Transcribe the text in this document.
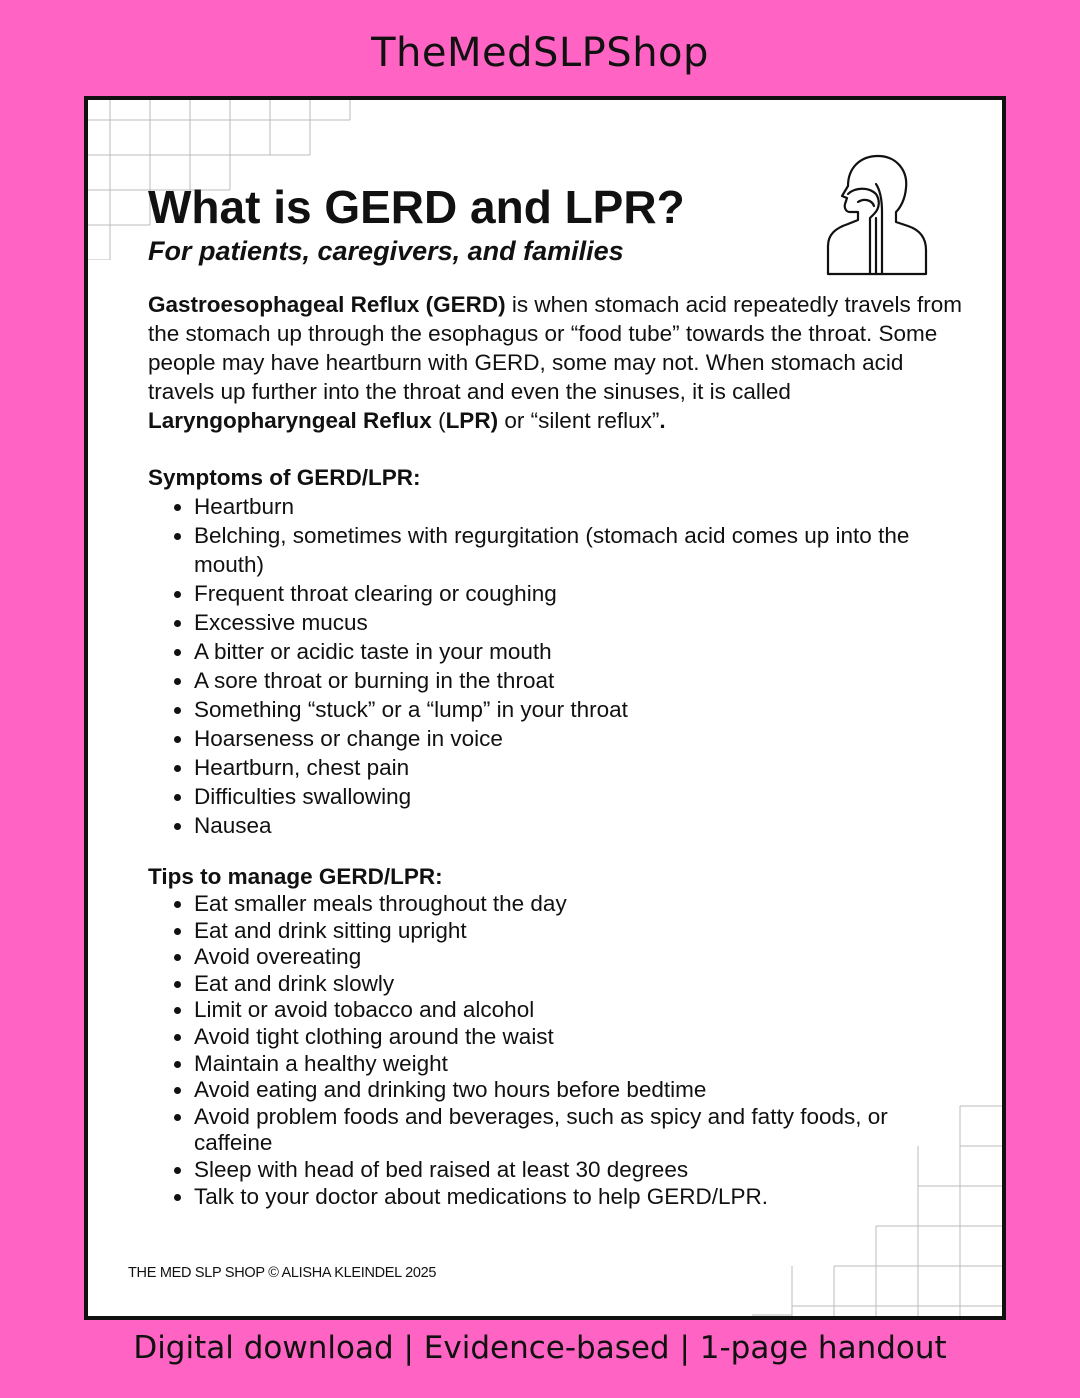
TheMedSLPShop
What is GERD and LPR?

For patients, caregivers, and families

Gastroesophageal Reflux (GERD) is when stomach acid repeatedly travels from the stomach up through the esophagus or “food tube” towards the throat. Some people may have heartburn with GERD, some may not. When stomach acid travels up further into the throat and even the sinuses, it is called Laryngopharyngeal Reflux (LPR) or “silent reflux”.

Symptoms of GERD/LPR:

• Heartburn
• Belching, sometimes with regurgitation (stomach acid comes up into the mouth)
• Frequent throat clearing or coughing
• Excessive mucus
• A bitter or acidic taste in your mouth
• A sore throat or burning in the throat
• Something “stuck” or a “lump” in your throat
• Hoarseness or change in voice
• Heartburn, chest pain
• Difficulties swallowing
• Nausea

Tips to manage GERD/LPR:

• Eat smaller meals throughout the day
• Eat and drink sitting upright
• Avoid overeating
• Eat and drink slowly
• Limit or avoid tobacco and alcohol
• Avoid tight clothing around the waist
• Maintain a healthy weight
• Avoid eating and drinking two hours before bedtime
• Avoid problem foods and beverages, such as spicy and fatty foods, or caffeine
• Sleep with head of bed raised at least 30 degrees
• Talk to your doctor about medications to help GERD/LPR.
THE MED SLP SHOP © ALISHA KLEINDEL 2025
Digital download | Evidence-based | 1-page handout
